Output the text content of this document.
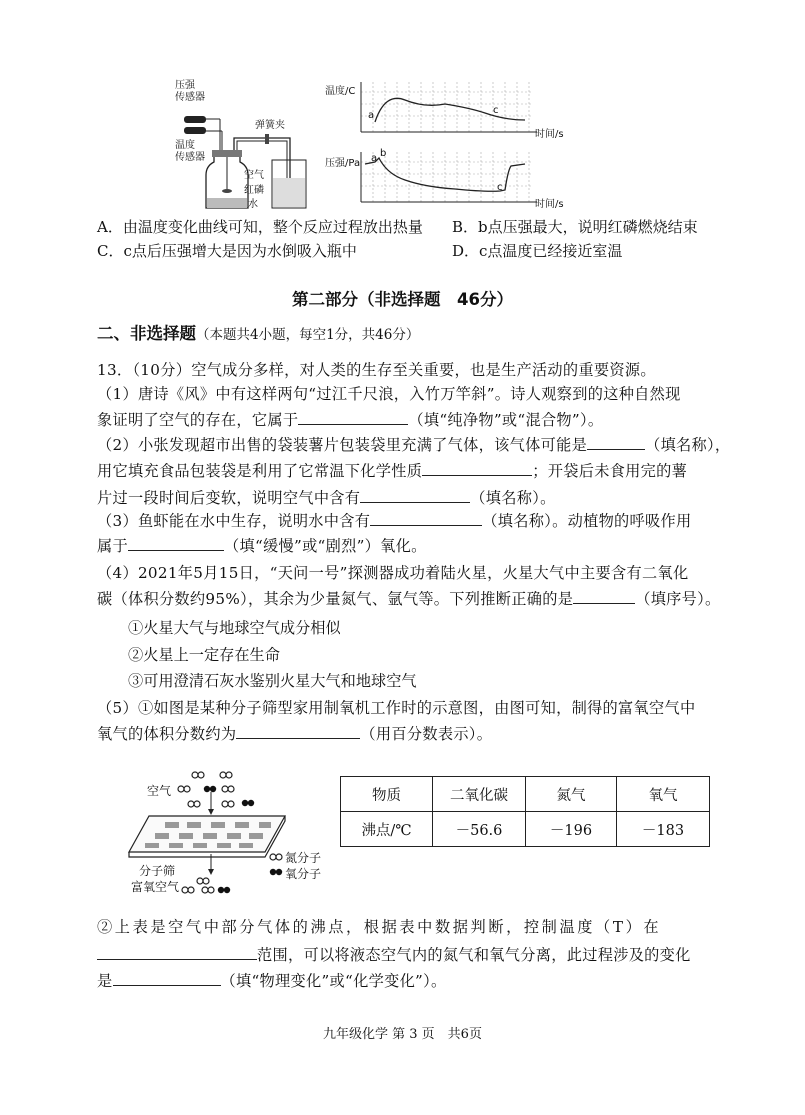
压强
传感器
温度
传感器
弹簧夹
空气
红磷
水
温度/C
a	c
时间/s
压强/Pa a b
c
时间/s
A．由温度变化曲线可知，整个反应过程放出热量 B．b点压强最大，说明红磷燃烧结束
C．c点后压强增大是因为水倒吸入瓶中	D．c点温度已经接近室温
第二部分（非选择题　46分）
二、非选择题（本题共4小题，每空1分，共46分）
13．（10分）空气成分多样，对人类的生存至关重要，也是生产活动的重要资源。
（1）唐诗《风》中有这样两句“过江千尺浪，入竹万竿斜”。诗人观察到的这种自然现
象证明了空气的存在，它属于	（填“纯净物”或“混合物”）。
（2）小张发现超市出售的袋装薯片包装袋里充满了气体，该气体可能是	（填名称），
用它填充食品包装袋是利用了它常温下化学性质	；开袋后未食用完的薯
片过一段时间后变软，说明空气中含有	（填名称）。
（3）鱼虾能在水中生存，说明水中含有	（填名称）。动植物的呼吸作用
属于	（填“缓慢”或“剧烈”）氧化。
（4）2021年5月15日，“天问一号”探测器成功着陆火星，火星大气中主要含有二氧化
碳（体积分数约95%），其余为少量氮气、氩气等。下列推断正确的是	（填序号）。
①火星大气与地球空气成分相似
②火星上一定存在生命
③可用澄清石灰水鉴别火星大气和地球空气
（5）①如图是某种分子筛型家用制氧机工作时的示意图，由图可知，制得的富氧空气中
氧气的体积分数约为	（用百分数表示）。
空气
分子筛
富氧空气
氮分子
氧分子
物质	二氧化碳	氮气	氧气
沸点/℃	－56.6	－196	－183
②上表是空气中部分气体的沸点，根据表中数据判断，控制温度（T）在
范围，可以将液态空气内的氮气和氧气分离，此过程涉及的变化
是	（填“物理变化”或“化学变化”）。
九年级化学 第 3 页　共6页
